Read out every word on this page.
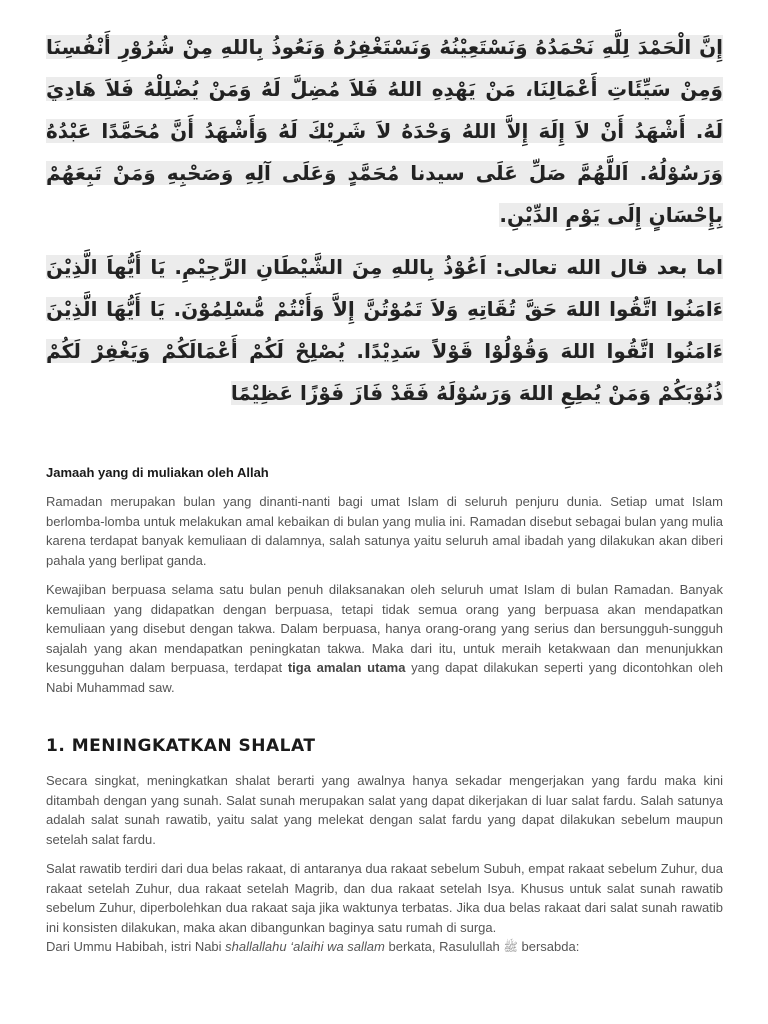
إِنَّ الْحَمْدَ لِلَّهِ نَحْمَدُهُ وَنَسْتَعِيْنُهُ وَنَسْتَغْفِرُهُ وَنَعُوذُ بِاللهِ مِنْ شُرُوْرِ أَنْفُسِنَا وَمِنْ سَيِّئَاتِ أَعْمَالِنَا، مَنْ يَهْدِهِ اللهُ فَلاَ مُضِلَّ لَهُ وَمَنْ يُضْلِلْهُ فَلاَ هَادِيَ لَهُ. أَشْهَدُ أَنْ لاَ إِلَهَ إِلاَّ اللهُ وَحْدَهُ لاَ شَرِيْكَ لَهُ وَأَشْهَدُ أَنَّ مُحَمَّدًا عَبْدُهُ وَرَسُوْلُهُ. اَللَّهُمَّ صَلِّ عَلَى سيدنا مُحَمَّدٍ وَعَلَى آلِهِ وَصَحْبِهِ وَمَنْ تَبِعَهُمْ بِإِحْسَانٍ إِلَى يَوْمِ الدِّيْنِ.
اما بعد قال الله تعالى: اَعُوْذُ بِاللهِ مِنَ الشَّيْطَانِ الرَّجِيْمِ. يَا أَيُّهاَ الَّذِيْنَ ءَامَنُوا اتَّقُوا اللهَ حَقَّ تُقَاتِهِ وَلاَ تَمُوْتُنَّ إِلاَّ وَأَنْتُمْ مُّسْلِمُوْنَ. يَا أَيُّهَا الَّذِيْنَ ءَامَنُوا اتَّقُوا اللهَ وَقُوْلُوْا قَوْلاً سَدِيْدًا. يُصْلِحْ لَكُمْ أَعْمَالَكُمْ وَيَغْفِرْ لَكُمْ ذُنُوْبَكُمْ وَمَنْ يُطِعِ اللهَ وَرَسُوْلَهُ فَقَدْ فَازَ فَوْزًا عَظِيْمًا
Jamaah yang di muliakan oleh Allah

Ramadan merupakan bulan yang dinanti-nanti bagi umat Islam di seluruh penjuru dunia. Setiap umat Islam berlomba-lomba untuk melakukan amal kebaikan di bulan yang mulia ini. Ramadan disebut sebagai bulan yang mulia karena terdapat banyak kemuliaan di dalamnya, salah satunya yaitu seluruh amal ibadah yang dilakukan akan diberi pahala yang berlipat ganda.

Kewajiban berpuasa selama satu bulan penuh dilaksanakan oleh seluruh umat Islam di bulan Ramadan. Banyak kemuliaan yang didapatkan dengan berpuasa, tetapi tidak semua orang yang berpuasa akan mendapatkan kemuliaan yang disebut dengan takwa. Dalam berpuasa, hanya orang-orang yang serius dan bersungguh-sungguh sajalah yang akan mendapatkan peningkatan takwa. Maka dari itu, untuk meraih ketakwaan dan menunjukkan kesungguhan dalam berpuasa, terdapat tiga amalan utama yang dapat dilakukan seperti yang dicontohkan oleh Nabi Muhammad saw.

1. MENINGKATKAN SHALAT

Secara singkat, meningkatkan shalat berarti yang awalnya hanya sekadar mengerjakan yang fardu maka kini ditambah dengan yang sunah. Salat sunah merupakan salat yang dapat dikerjakan di luar salat fardu. Salah satunya adalah salat sunah rawatib, yaitu salat yang melekat dengan salat fardu yang dapat dilakukan sebelum maupun setelah salat fardu.

Salat rawatib terdiri dari dua belas rakaat, di antaranya dua rakaat sebelum Subuh, empat rakaat sebelum Zuhur, dua rakaat setelah Zuhur, dua rakaat setelah Magrib, dan dua rakaat setelah Isya. Khusus untuk salat sunah rawatib sebelum Zuhur, diperbolehkan dua rakaat saja jika waktunya terbatas. Jika dua belas rakaat dari salat sunah rawatib ini konsisten dilakukan, maka akan dibangunkan baginya satu rumah di surga.

Dari Ummu Habibah, istri Nabi shallallahu ‘alaihi wa sallam berkata, Rasulullah ﷺ bersabda:
